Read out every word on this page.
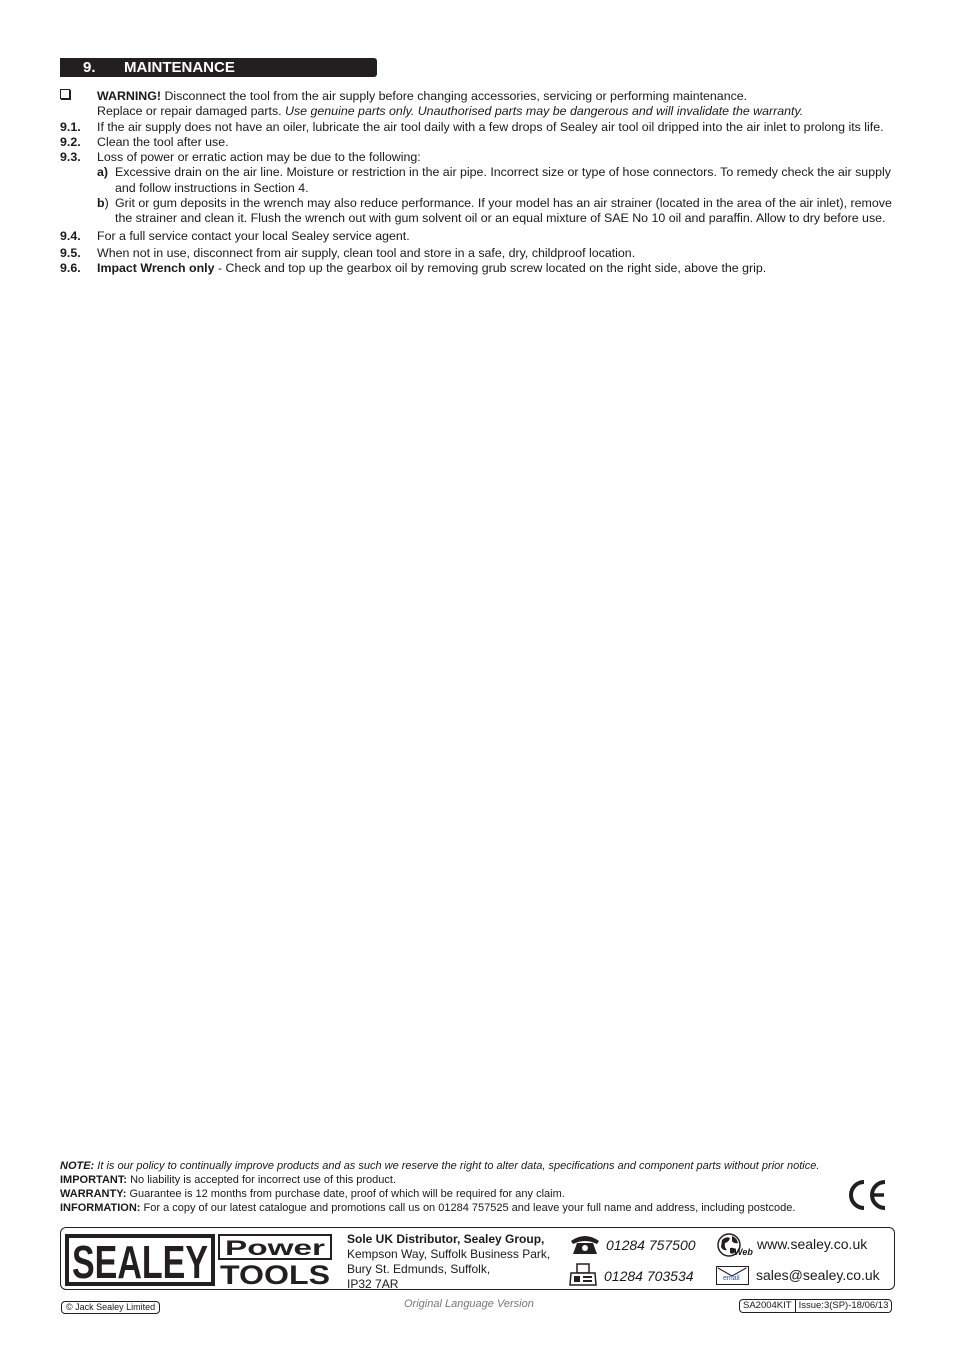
9. MAINTENANCE
WARNING! Disconnect the tool from the air supply before changing accessories, servicing or performing maintenance.
Replace or repair damaged parts. Use genuine parts only. Unauthorised parts may be dangerous and will invalidate the warranty.
9.1. If the air supply does not have an oiler, lubricate the air tool daily with a few drops of Sealey air tool oil dripped into the air inlet to prolong its life.
9.2. Clean the tool after use.
9.3. Loss of power or erratic action may be due to the following:
a) Excessive drain on the air line. Moisture or restriction in the air pipe. Incorrect size or type of hose connectors. To remedy check the air supply and follow instructions in Section 4.
b) Grit or gum deposits in the wrench may also reduce performance. If your model has an air strainer (located in the area of the air inlet), remove the strainer and clean it. Flush the wrench out with gum solvent oil or an equal mixture of SAE No 10 oil and paraffin. Allow to dry before use.
9.4. For a full service contact your local Sealey service agent.
9.5. When not in use, disconnect from air supply, clean tool and store in a safe, dry, childproof location.
9.6. Impact Wrench only - Check and top up the gearbox oil by removing grub screw located on the right side, above the grip.
NOTE: It is our policy to continually improve products and as such we reserve the right to alter data, specifications and component parts without prior notice.
IMPORTANT: No liability is accepted for incorrect use of this product.
WARRANTY: Guarantee is 12 months from purchase date, proof of which will be required for any claim.
INFORMATION: For a copy of our latest catalogue and promotions call us on 01284 757525 and leave your full name and address, including postcode.
SEALEY Power
TOOLS
Sole UK Distributor, Sealey Group,
Kempson Way, Suffolk Business Park,
Bury St. Edmunds, Suffolk,
IP32 7AR
01284 757500
01284 703534
Web www.sealey.co.uk
email sales@sealey.co.uk
© Jack Sealey Limited	Original Language Version	SA2004KIT Issue:3(SP)-18/06/13
